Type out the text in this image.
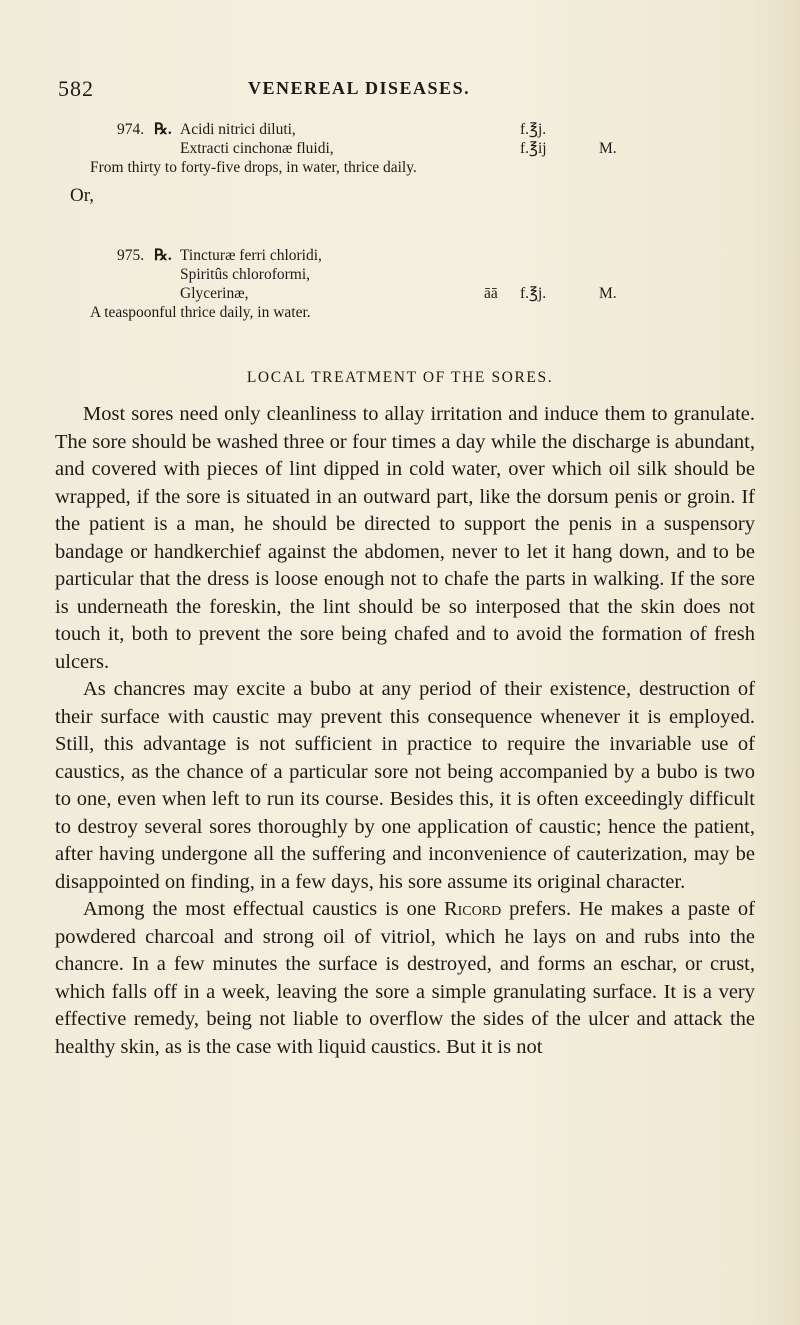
582	VENEREAL DISEASES.
974. ℞. Acidi nitrici diluti,	f.℥j.
Extracti cinchonæ fluidi,	f.℥ij	M.
From thirty to forty-five drops, in water, thrice daily.
Or,
975. ℞. Tincturæ ferri chloridi,
Spiritûs chloroformi,
Glycerinæ,	āā f.℥j.	M.
A teaspoonful thrice daily, in water.
LOCAL TREATMENT OF THE SORES.

Most sores need only cleanliness to allay irritation and induce them to granulate. The sore should be washed three or four times a day while the discharge is abundant, and covered with pieces of lint dipped in cold water, over which oil silk should be wrapped, if the sore is situated in an outward part, like the dorsum penis or groin. If the patient is a man, he should be directed to support the penis in a suspensory bandage or handkerchief against the abdomen, never to let it hang down, and to be particular that the dress is loose enough not to chafe the parts in walking. If the sore is underneath the foreskin, the lint should be so interposed that the skin does not touch it, both to prevent the sore being chafed and to avoid the formation of fresh ulcers.

As chancres may excite a bubo at any period of their existence, destruction of their surface with caustic may prevent this consequence whenever it is employed. Still, this advantage is not sufficient in practice to require the invariable use of caustics, as the chance of a particular sore not being accompanied by a bubo is two to one, even when left to run its course. Besides this, it is often exceedingly difficult to destroy several sores thoroughly by one application of caustic; hence the patient, after having undergone all the suffering and inconvenience of cauterization, may be disappointed on finding, in a few days, his sore assume its original character.

Among the most effectual caustics is one Ricord prefers. He makes a paste of powdered charcoal and strong oil of vitriol, which he lays on and rubs into the chancre. In a few minutes the surface is destroyed, and forms an eschar, or crust, which falls off in a week, leaving the sore a simple granulating surface. It is a very effective remedy, being not liable to overflow the sides of the ulcer and attack the healthy skin, as is the case with liquid caustics. But it is not
